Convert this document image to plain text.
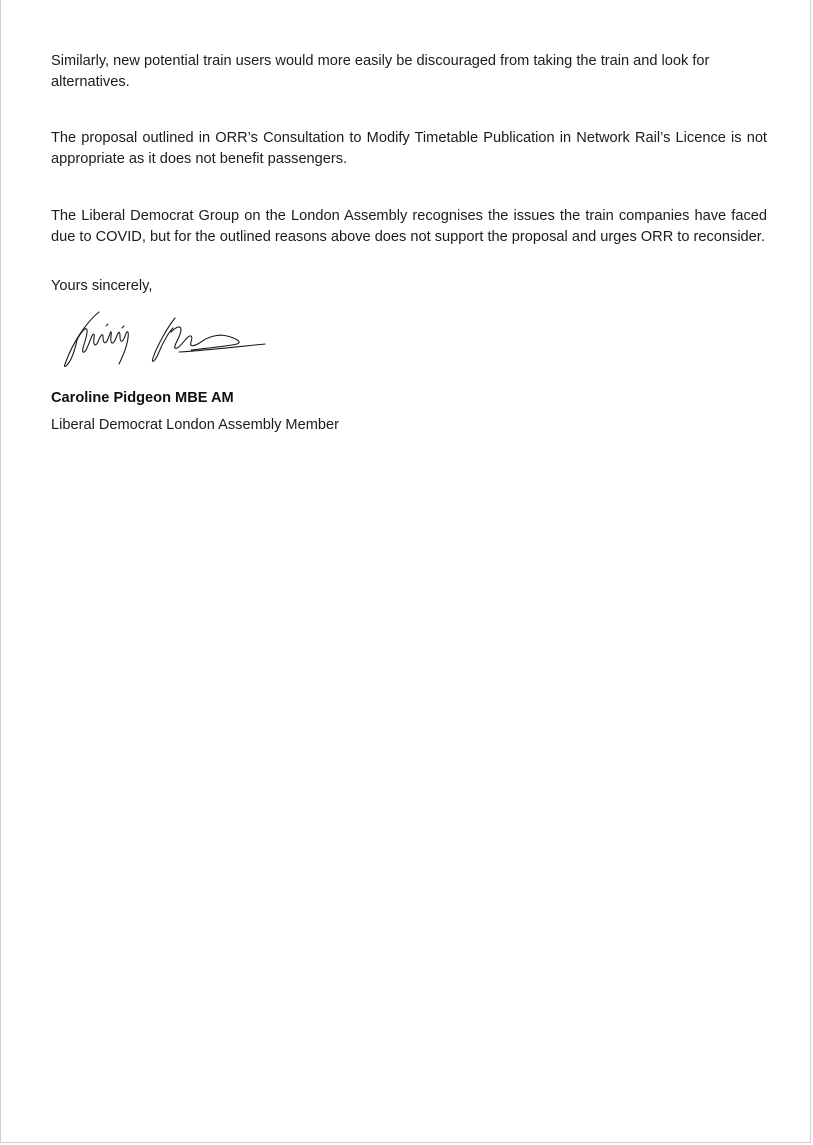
Similarly, new potential train users would more easily be discouraged from taking the train and look for alternatives.

The proposal outlined in ORR’s Consultation to Modify Timetable Publication in Network Rail’s Licence is not appropriate as it does not benefit passengers.

The Liberal Democrat Group on the London Assembly recognises the issues the train companies have faced due to COVID, but for the outlined reasons above does not support the proposal and urges ORR to reconsider.

Yours sincerely,

Caroline Pidgeon MBE AM

Liberal Democrat London Assembly Member
